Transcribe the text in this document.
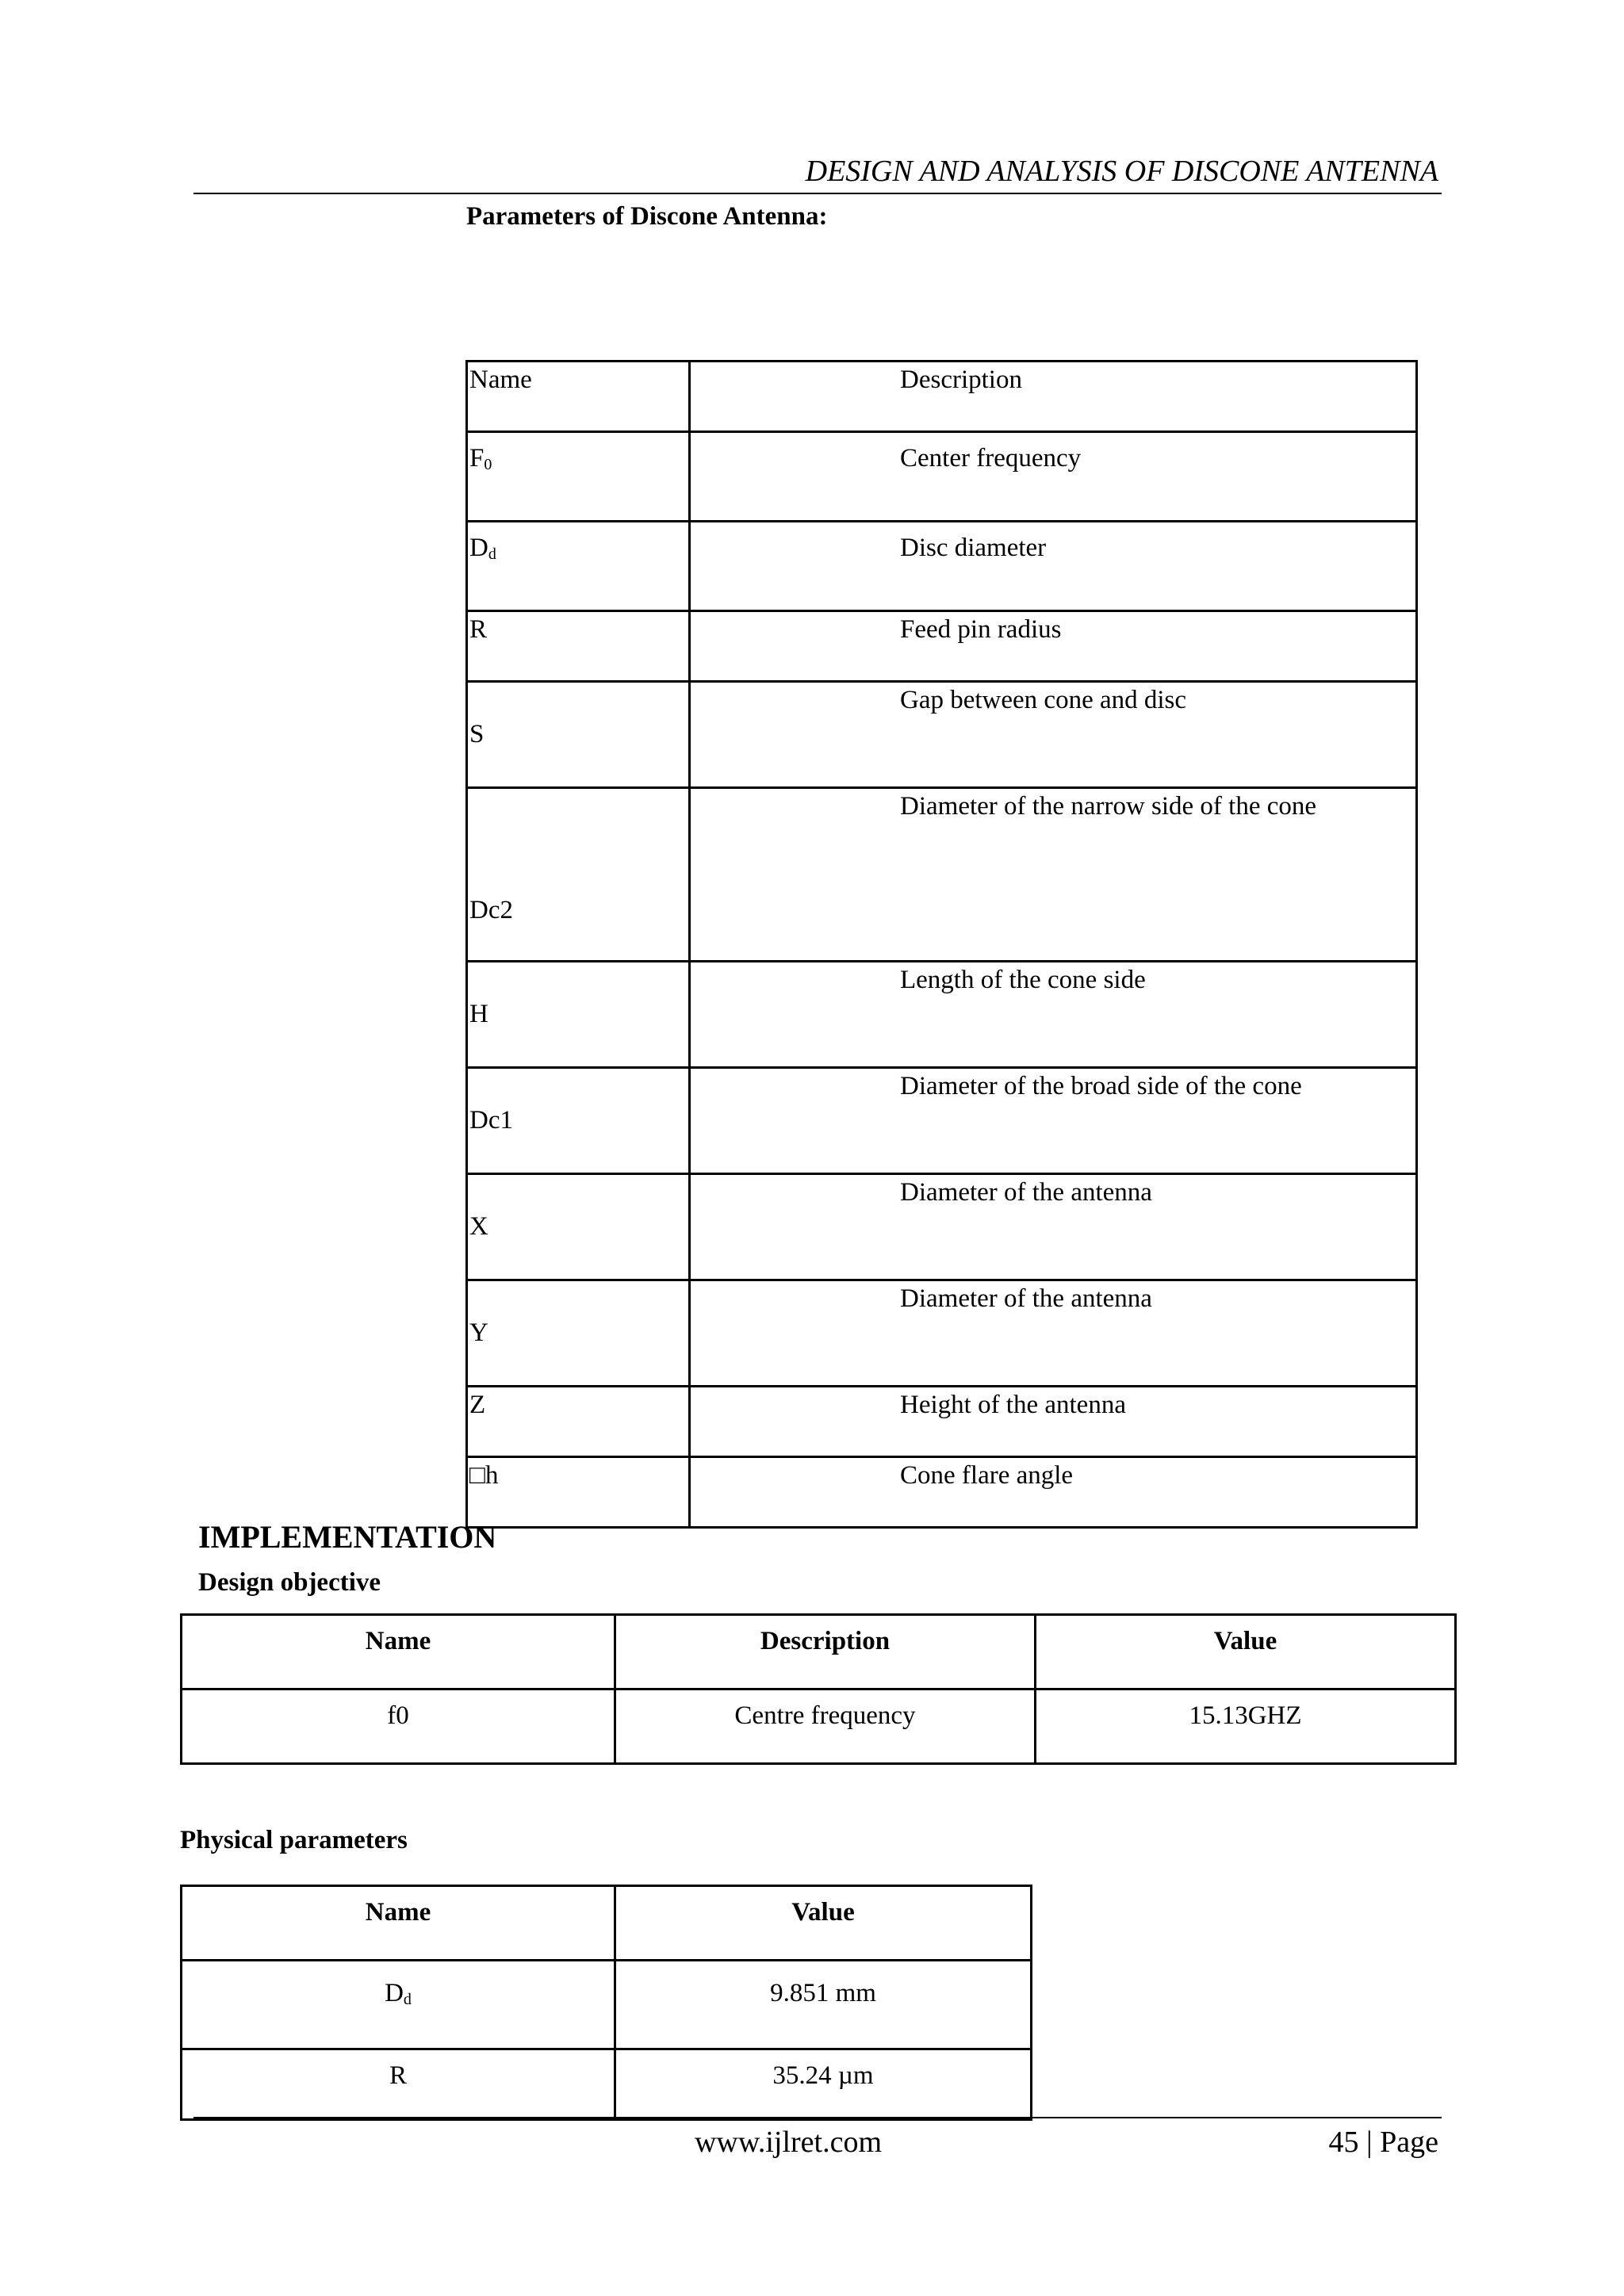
DESIGN AND ANALYSIS OF DISCONE ANTENNA
Parameters of Discone Antenna:
Name	Description
$F_0$	Center frequency
$D_d$	Disc diameter
R	Feed pin radius
S	Gap between cone and disc
Dc2	Diameter of the narrow side of the cone
H	Length of the cone side
Dc1	Diameter of the broad side of the cone
X	Diameter of the antenna
Y	Diameter of the antenna
Z	Height of the antenna
□h	Cone flare angle
IMPLEMENTATION
Design objective
Name	Description	Value
f0	Centre frequency	15.13GHZ
Physical parameters
Name	Value
$D_d$	9.851 mm
R	35.24 µm
www.ijlret.com	45 | Page
